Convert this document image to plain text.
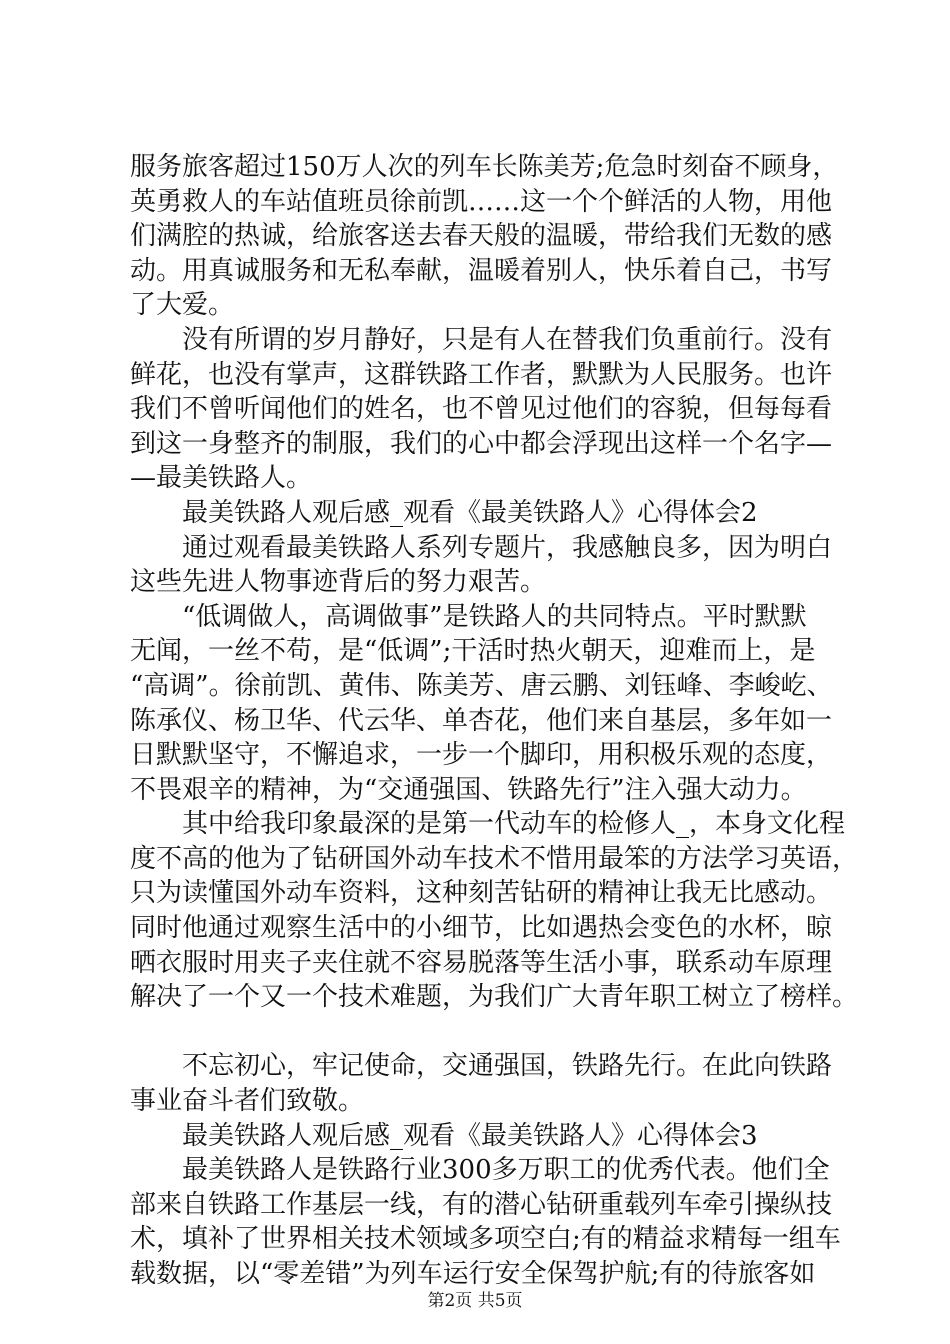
服务旅客超过150万人次的列车长陈美芳;危急时刻奋不顾身，
英勇救人的车站值班员徐前凯……这一个个鲜活的人物，用他
们满腔的热诚，给旅客送去春天般的温暖，带给我们无数的感
动。用真诚服务和无私奉献，温暖着别人，快乐着自己，书写
了大爱。
没有所谓的岁月静好，只是有人在替我们负重前行。没有
鲜花，也没有掌声，这群铁路工作者，默默为人民服务。也许
我们不曾听闻他们的姓名，也不曾见过他们的容貌，但每每看
到这一身整齐的制服，我们的心中都会浮现出这样一个名字—
—最美铁路人。
最美铁路人观后感_观看《最美铁路人》心得体会2
通过观看最美铁路人系列专题片，我感触良多，因为明白
这些先进人物事迹背后的努力艰苦。
“低调做人，高调做事”是铁路人的共同特点。平时默默
无闻，一丝不苟，是“低调”;干活时热火朝天，迎难而上，是
“高调”。徐前凯、黄伟、陈美芳、唐云鹏、刘钰峰、李峻屹、
陈承仪、杨卫华、代云华、单杏花，他们来自基层，多年如一
日默默坚守，不懈追求，一步一个脚印，用积极乐观的态度，
不畏艰辛的精神，为“交通强国、铁路先行”注入强大动力。
其中给我印象最深的是第一代动车的检修人_，本身文化程
度不高的他为了钻研国外动车技术不惜用最笨的方法学习英语，
只为读懂国外动车资料，这种刻苦钻研的精神让我无比感动。
同时他通过观察生活中的小细节，比如遇热会变色的水杯，晾
晒衣服时用夹子夹住就不容易脱落等生活小事，联系动车原理
解决了一个又一个技术难题，为我们广大青年职工树立了榜样。
不忘初心，牢记使命，交通强国，铁路先行。在此向铁路
事业奋斗者们致敬。
最美铁路人观后感_观看《最美铁路人》心得体会3
最美铁路人是铁路行业300多万职工的优秀代表。他们全
部来自铁路工作基层一线，有的潜心钻研重载列车牵引操纵技
术，填补了世界相关技术领域多项空白;有的精益求精每一组车
载数据，以“零差错”为列车运行安全保驾护航;有的待旅客如
第2页 共5页
